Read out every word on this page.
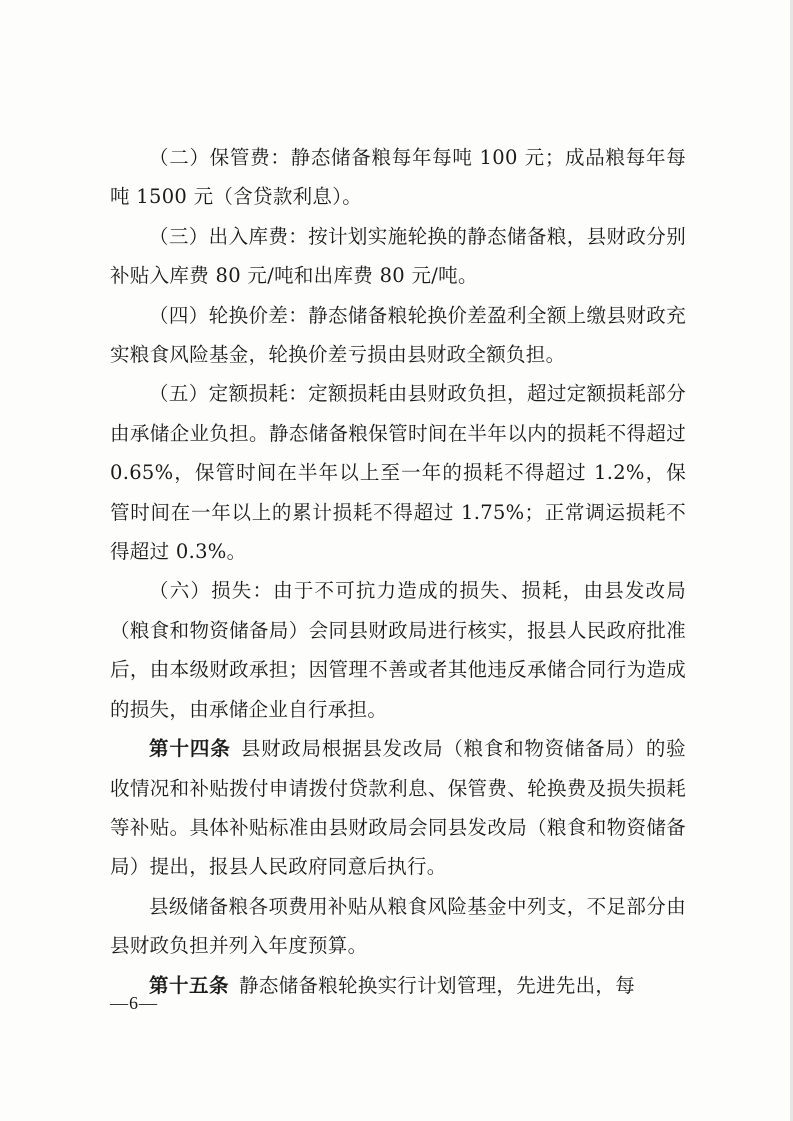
（二）保管费：静态储备粮每年每吨 100 元；成品粮每年每吨 1500 元（含贷款利息）。

（三）出入库费：按计划实施轮换的静态储备粮，县财政分别补贴入库费 80 元/吨和出库费 80 元/吨。

（四）轮换价差：静态储备粮轮换价差盈利全额上缴县财政充实粮食风险基金，轮换价差亏损由县财政全额负担。

（五）定额损耗：定额损耗由县财政负担，超过定额损耗部分由承储企业负担。静态储备粮保管时间在半年以内的损耗不得超过 0.65%，保管时间在半年以上至一年的损耗不得超过 1.2%，保管时间在一年以上的累计损耗不得超过 1.75%；正常调运损耗不得超过 0.3%。

（六）损失：由于不可抗力造成的损失、损耗，由县发改局（粮食和物资储备局）会同县财政局进行核实，报县人民政府批准后，由本级财政承担；因管理不善或者其他违反承储合同行为造成的损失，由承储企业自行承担。

第十四条 县财政局根据县发改局（粮食和物资储备局）的验收情况和补贴拨付申请拨付贷款利息、保管费、轮换费及损失损耗等补贴。具体补贴标准由县财政局会同县发改局（粮食和物资储备局）提出，报县人民政府同意后执行。

县级储备粮各项费用补贴从粮食风险基金中列支，不足部分由县财政负担并列入年度预算。

第十五条 静态储备粮轮换实行计划管理，先进先出，每

—6—
